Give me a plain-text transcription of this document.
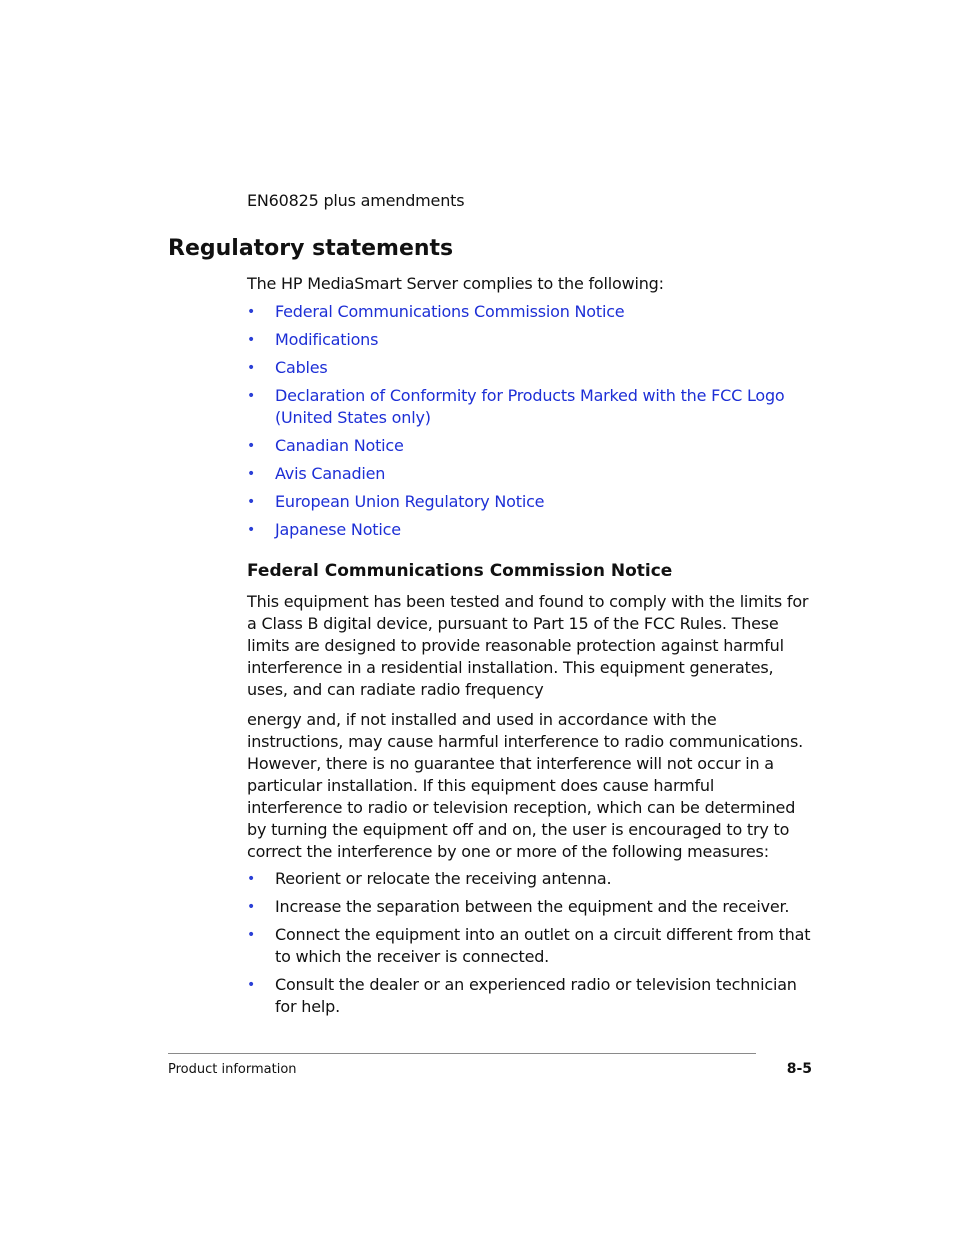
EN60825 plus amendments
Regulatory statements
The HP MediaSmart Server complies to the following:
• Federal Communications Commission Notice
• Modifications
• Cables
• Declaration of Conformity for Products Marked with the FCC Logo (United States only)
• Canadian Notice
• Avis Canadien
• European Union Regulatory Notice
• Japanese Notice
Federal Communications Commission Notice

This equipment has been tested and found to comply with the limits for a Class B digital device, pursuant to Part 15 of the FCC Rules. These limits are designed to provide reasonable protection against harmful interference in a residential installation. This equipment generates, uses, and can radiate radio frequency

energy and, if not installed and used in accordance with the instructions, may cause harmful interference to radio communications. However, there is no guarantee that interference will not occur in a particular installation. If this equipment does cause harmful interference to radio or television reception, which can be determined by turning the equipment off and on, the user is encouraged to try to correct the interference by one or more of the following measures:

• Reorient or relocate the receiving antenna.
• Increase the separation between the equipment and the receiver.
• Connect the equipment into an outlet on a circuit different from that to which the receiver is connected.
• Consult the dealer or an experienced radio or television technician for help.
Product information	8-5
